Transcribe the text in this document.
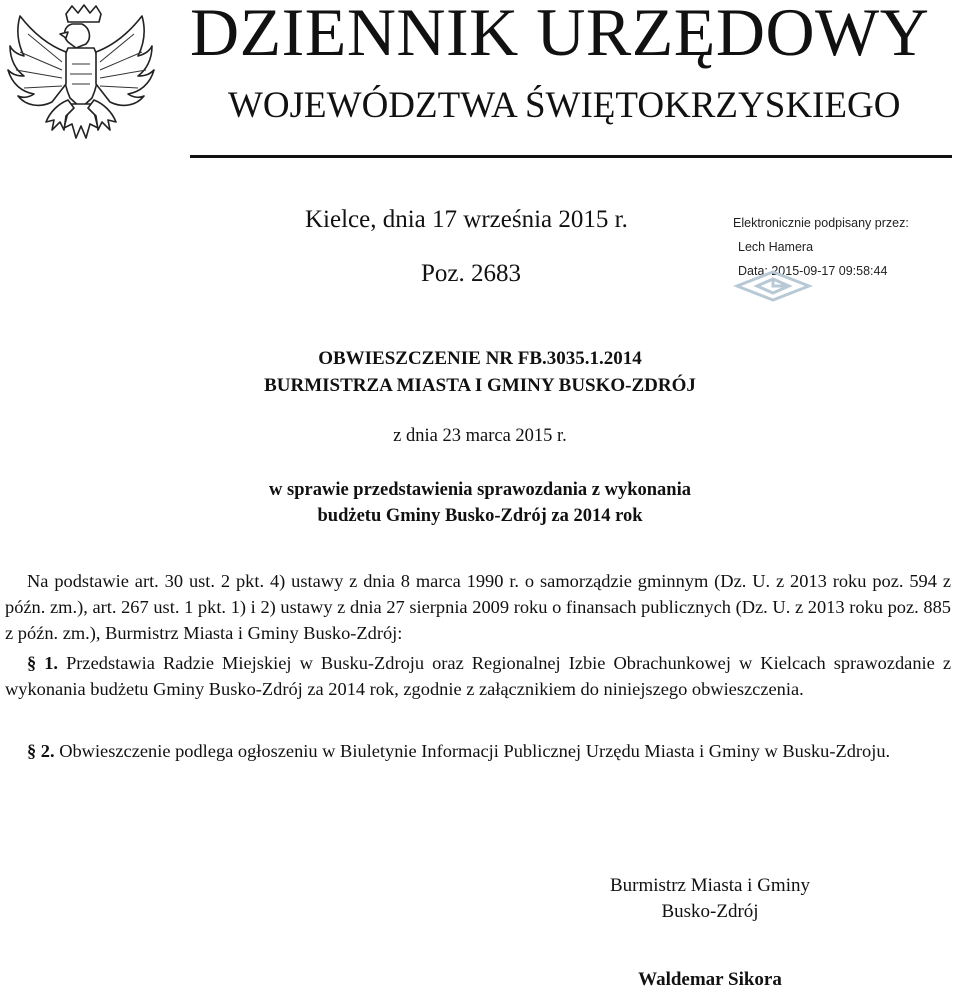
DZIENNIK URZĘDOWY
WOJEWÓDZTWA ŚWIĘTOKRZYSKIEGO
Kielce, dnia 17 września 2015 r.
Poz. 2683
Elektronicznie podpisany przez:
Lech Hamera
Data: 2015-09-17 09:58:44
OBWIESZCZENIE NR FB.3035.1.2014
BURMISTRZA MIASTA I GMINY BUSKO-ZDRÓJ
z dnia 23 marca 2015 r.
w sprawie przedstawienia sprawozdania z wykonania
budżetu Gminy Busko-Zdrój za 2014 rok
Na podstawie art. 30 ust. 2 pkt. 4) ustawy z dnia 8 marca 1990 r. o samorządzie gminnym (Dz. U. z 2013 roku poz. 594 z późn. zm.), art. 267 ust. 1 pkt. 1) i 2) ustawy z dnia 27 sierpnia 2009 roku o finansach publicznych (Dz. U. z 2013 roku poz. 885 z późn. zm.), Burmistrz Miasta i Gminy Busko-Zdrój:
§ 1. Przedstawia Radzie Miejskiej w Busku-Zdroju oraz Regionalnej Izbie Obrachunkowej w Kielcach sprawozdanie z wykonania budżetu Gminy Busko-Zdrój za 2014 rok, zgodnie z załącznikiem do niniejszego obwieszczenia.
§ 2. Obwieszczenie podlega ogłoszeniu w Biuletynie Informacji Publicznej Urzędu Miasta i Gminy w Busku-Zdroju.
Burmistrz Miasta i Gminy
Busko-Zdrój
Waldemar Sikora
